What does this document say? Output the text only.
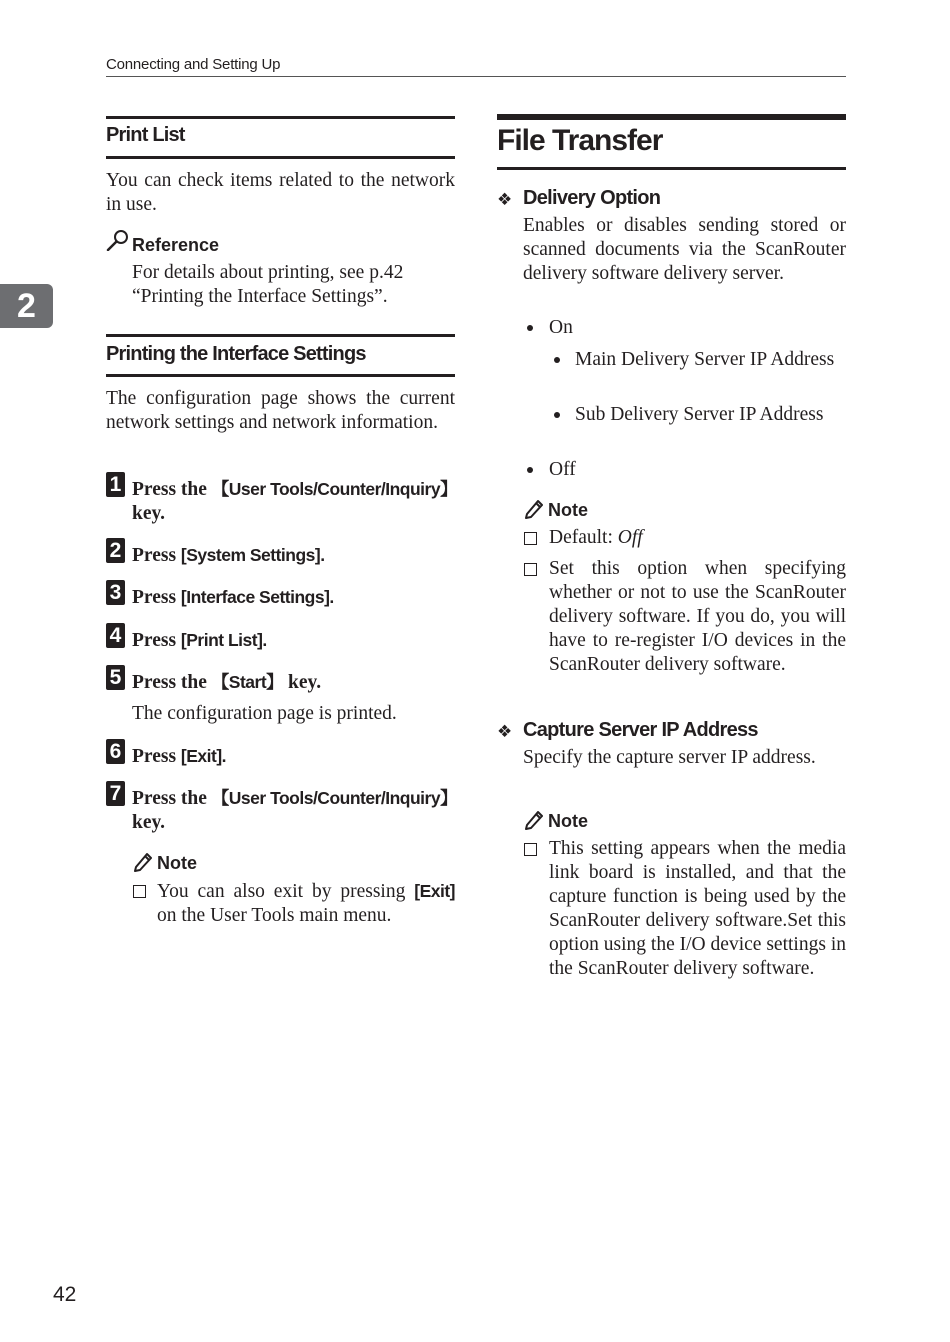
Connecting and Setting Up
2
42
Print List
You can check items related to the network in use.
Reference
For details about printing, see p.42
“Printing the Interface Settings”.
Printing the Interface Settings
The configuration page shows the current network settings and network information.
1 Press the 【User Tools/Counter/Inquiry】
key.
2 Press [System Settings].
3 Press [Interface Settings].
4 Press [Print List].
5 Press the 【Start】 key.
The configuration page is printed.
6 Press [Exit].
7 Press the 【User Tools/Counter/Inquiry】
key.
Note
You can also exit by pressing [Exit] on the User Tools main menu.
File Transfer
❖ Delivery Option
Enables or disables sending stored or scanned documents via the ScanRouter delivery software delivery server.
On
Main Delivery Server IP Address
Sub Delivery Server IP Address
Off
Note
Default: Off
Set this option when specifying whether or not to use the ScanRouter delivery software. If you do, you will have to re-register I/O devices in the ScanRouter delivery software.
❖ Capture Server IP Address
Specify the capture server IP address.
Note
This setting appears when the media link board is installed, and that the capture function is being used by the ScanRouter delivery software.Set this option using the I/O device settings in the ScanRouter delivery software.
